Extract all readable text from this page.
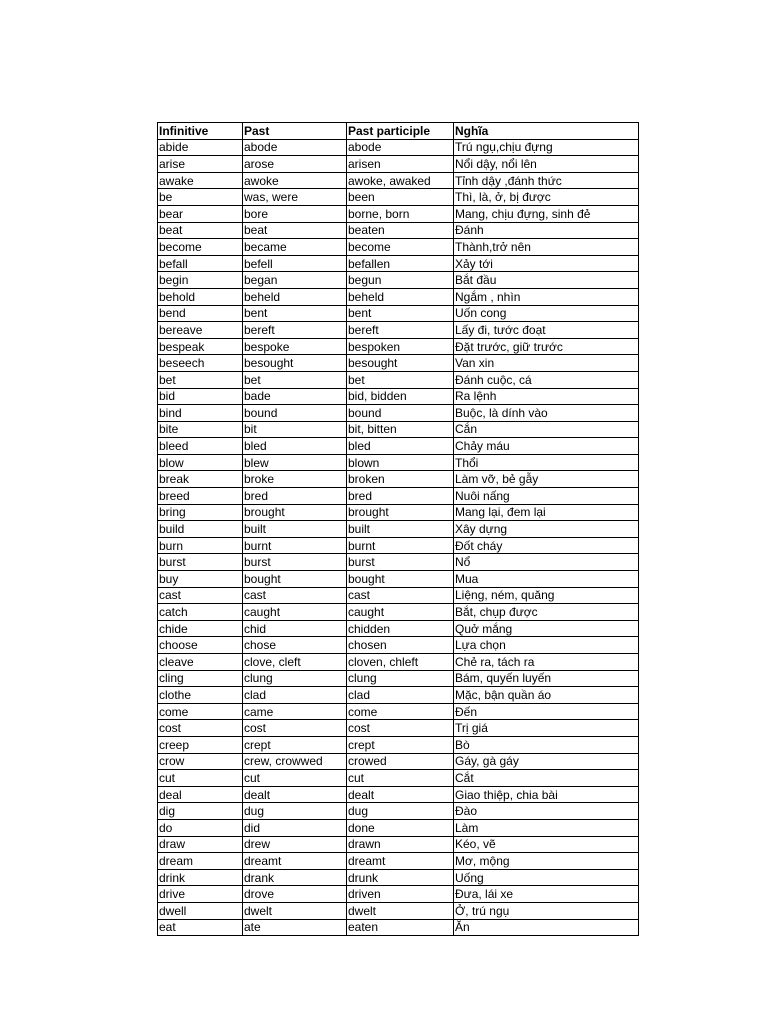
Infinitive	Past	Past participle	Nghĩa
abide	abode	abode	Trú ngụ,chịu đựng
arise	arose	arisen	Nổi dậy, nổi lên
awake	awoke	awoke, awaked	Tỉnh dậy ,đánh thức
be	was, were	been	Thì, là, ở, bị được
bear	bore	borne, born	Mang, chịu đựng, sinh đẻ
beat	beat	beaten	Đánh
become	became	become	Thành,trở nên
befall	befell	befallen	Xảy tới
begin	began	begun	Bắt đầu
behold	beheld	beheld	Ngắm , nhìn
bend	bent	bent	Uốn cong
bereave	bereft	bereft	Lấy đi, tước đoạt
bespeak	bespoke	bespoken	Đặt trước, giữ trước
beseech	besought	besought	Van xin
bet	bet	bet	Đánh cuộc, cá
bid	bade	bid, bidden	Ra lệnh
bind	bound	bound	Buộc, là dính vào
bite	bit	bit, bitten	Cắn
bleed	bled	bled	Chảy máu
blow	blew	blown	Thổi
break	broke	broken	Làm vỡ, bẻ gẫy
breed	bred	bred	Nuôi nấng
bring	brought	brought	Mang lại, đem lại
build	built	built	Xây dựng
burn	burnt	burnt	Đốt cháy
burst	burst	burst	Nổ
buy	bought	bought	Mua
cast	cast	cast	Liệng, ném, quăng
catch	caught	caught	Bắt, chụp được
chide	chid	chidden	Quở mắng
choose	chose	chosen	Lựa chọn
cleave	clove, cleft	cloven, chleft	Chẻ ra, tách ra
cling	clung	clung	Bám, quyến luyến
clothe	clad	clad	Mặc, bận quần áo
come	came	come	Đến
cost	cost	cost	Trị giá
creep	crept	crept	Bò
crow	crew, crowwed	crowed	Gáy, gà gáy
cut	cut	cut	Cắt
deal	dealt	dealt	Giao thiệp, chia bài
dig	dug	dug	Đào
do	did	done	Làm
draw	drew	drawn	Kéo, vẽ
dream	dreamt	dreamt	Mơ, mộng
drink	drank	drunk	Uống
drive	drove	driven	Đưa, lái xe
dwell	dwelt	dwelt	Ở, trú ngụ
eat	ate	eaten	Ăn
